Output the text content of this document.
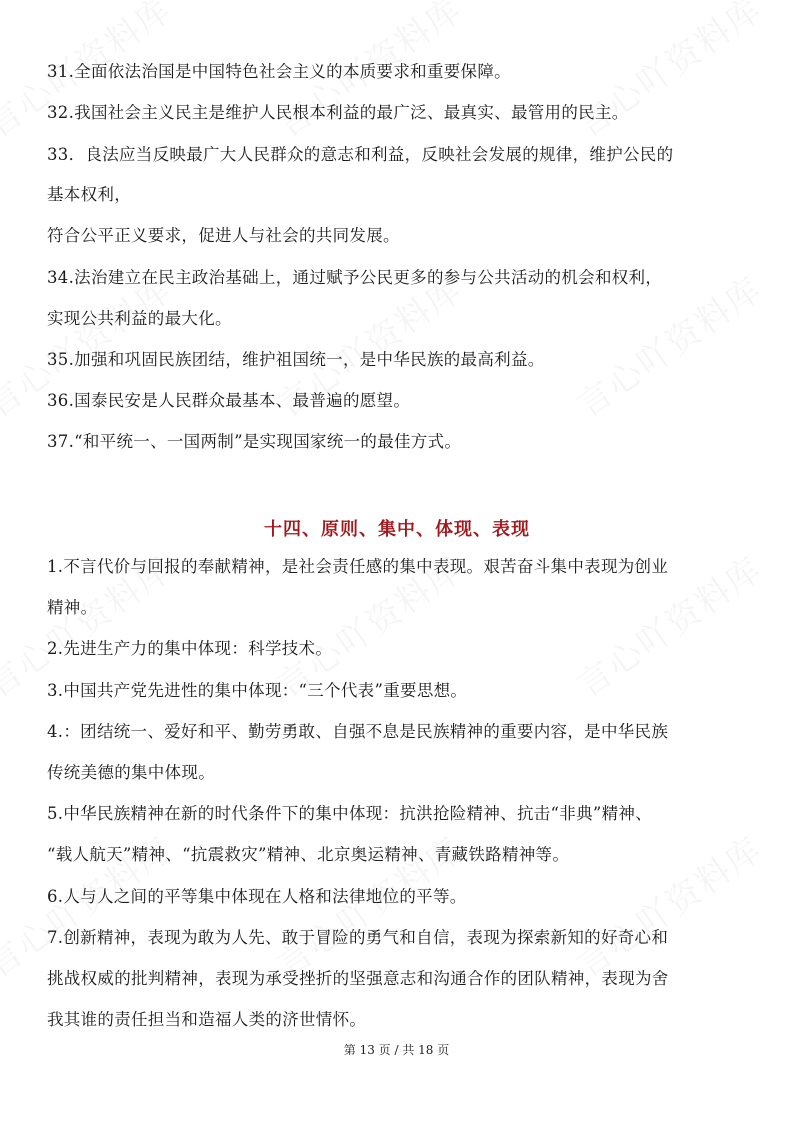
31.全面依法治国是中国特色社会主义的本质要求和重要保障。
32.我国社会主义民主是维护人民根本利益的最广泛、最真实、最管用的民主。
33．良法应当反映最广大人民群众的意志和利益，反映社会发展的规律，维护公民的
基本权利，
符合公平正义要求，促进人与社会的共同发展。
34.法治建立在民主政治基础上，通过赋予公民更多的参与公共活动的机会和权利，
实现公共利益的最大化。
35.加强和巩固民族团结，维护祖国统一，是中华民族的最高利益。
36.国泰民安是人民群众最基本、最普遍的愿望。
37.“和平统一、一国两制”是实现国家统一的最佳方式。
十四、原则、集中、体现、表现
1.不言代价与回报的奉献精神，是社会责任感的集中表现。艰苦奋斗集中表现为创业
精神。
2.先进生产力的集中体现：科学技术。
3.中国共产党先进性的集中体现：“三个代表”重要思想。
4.：团结统一、爱好和平、勤劳勇敢、自强不息是民族精神的重要内容，是中华民族
传统美德的集中体现。
5.中华民族精神在新的时代条件下的集中体现：抗洪抢险精神、抗击“非典”精神、
“载人航天”精神、“抗震救灾”精神、北京奥运精神、青藏铁路精神等。
6.人与人之间的平等集中体现在人格和法律地位的平等。
7.创新精神，表现为敢为人先、敢于冒险的勇气和自信，表现为探索新知的好奇心和
挑战权威的批判精神，表现为承受挫折的坚强意志和沟通合作的团队精神，表现为舍
我其谁的责任担当和造福人类的济世情怀。
第 13 页 / 共 18 页
